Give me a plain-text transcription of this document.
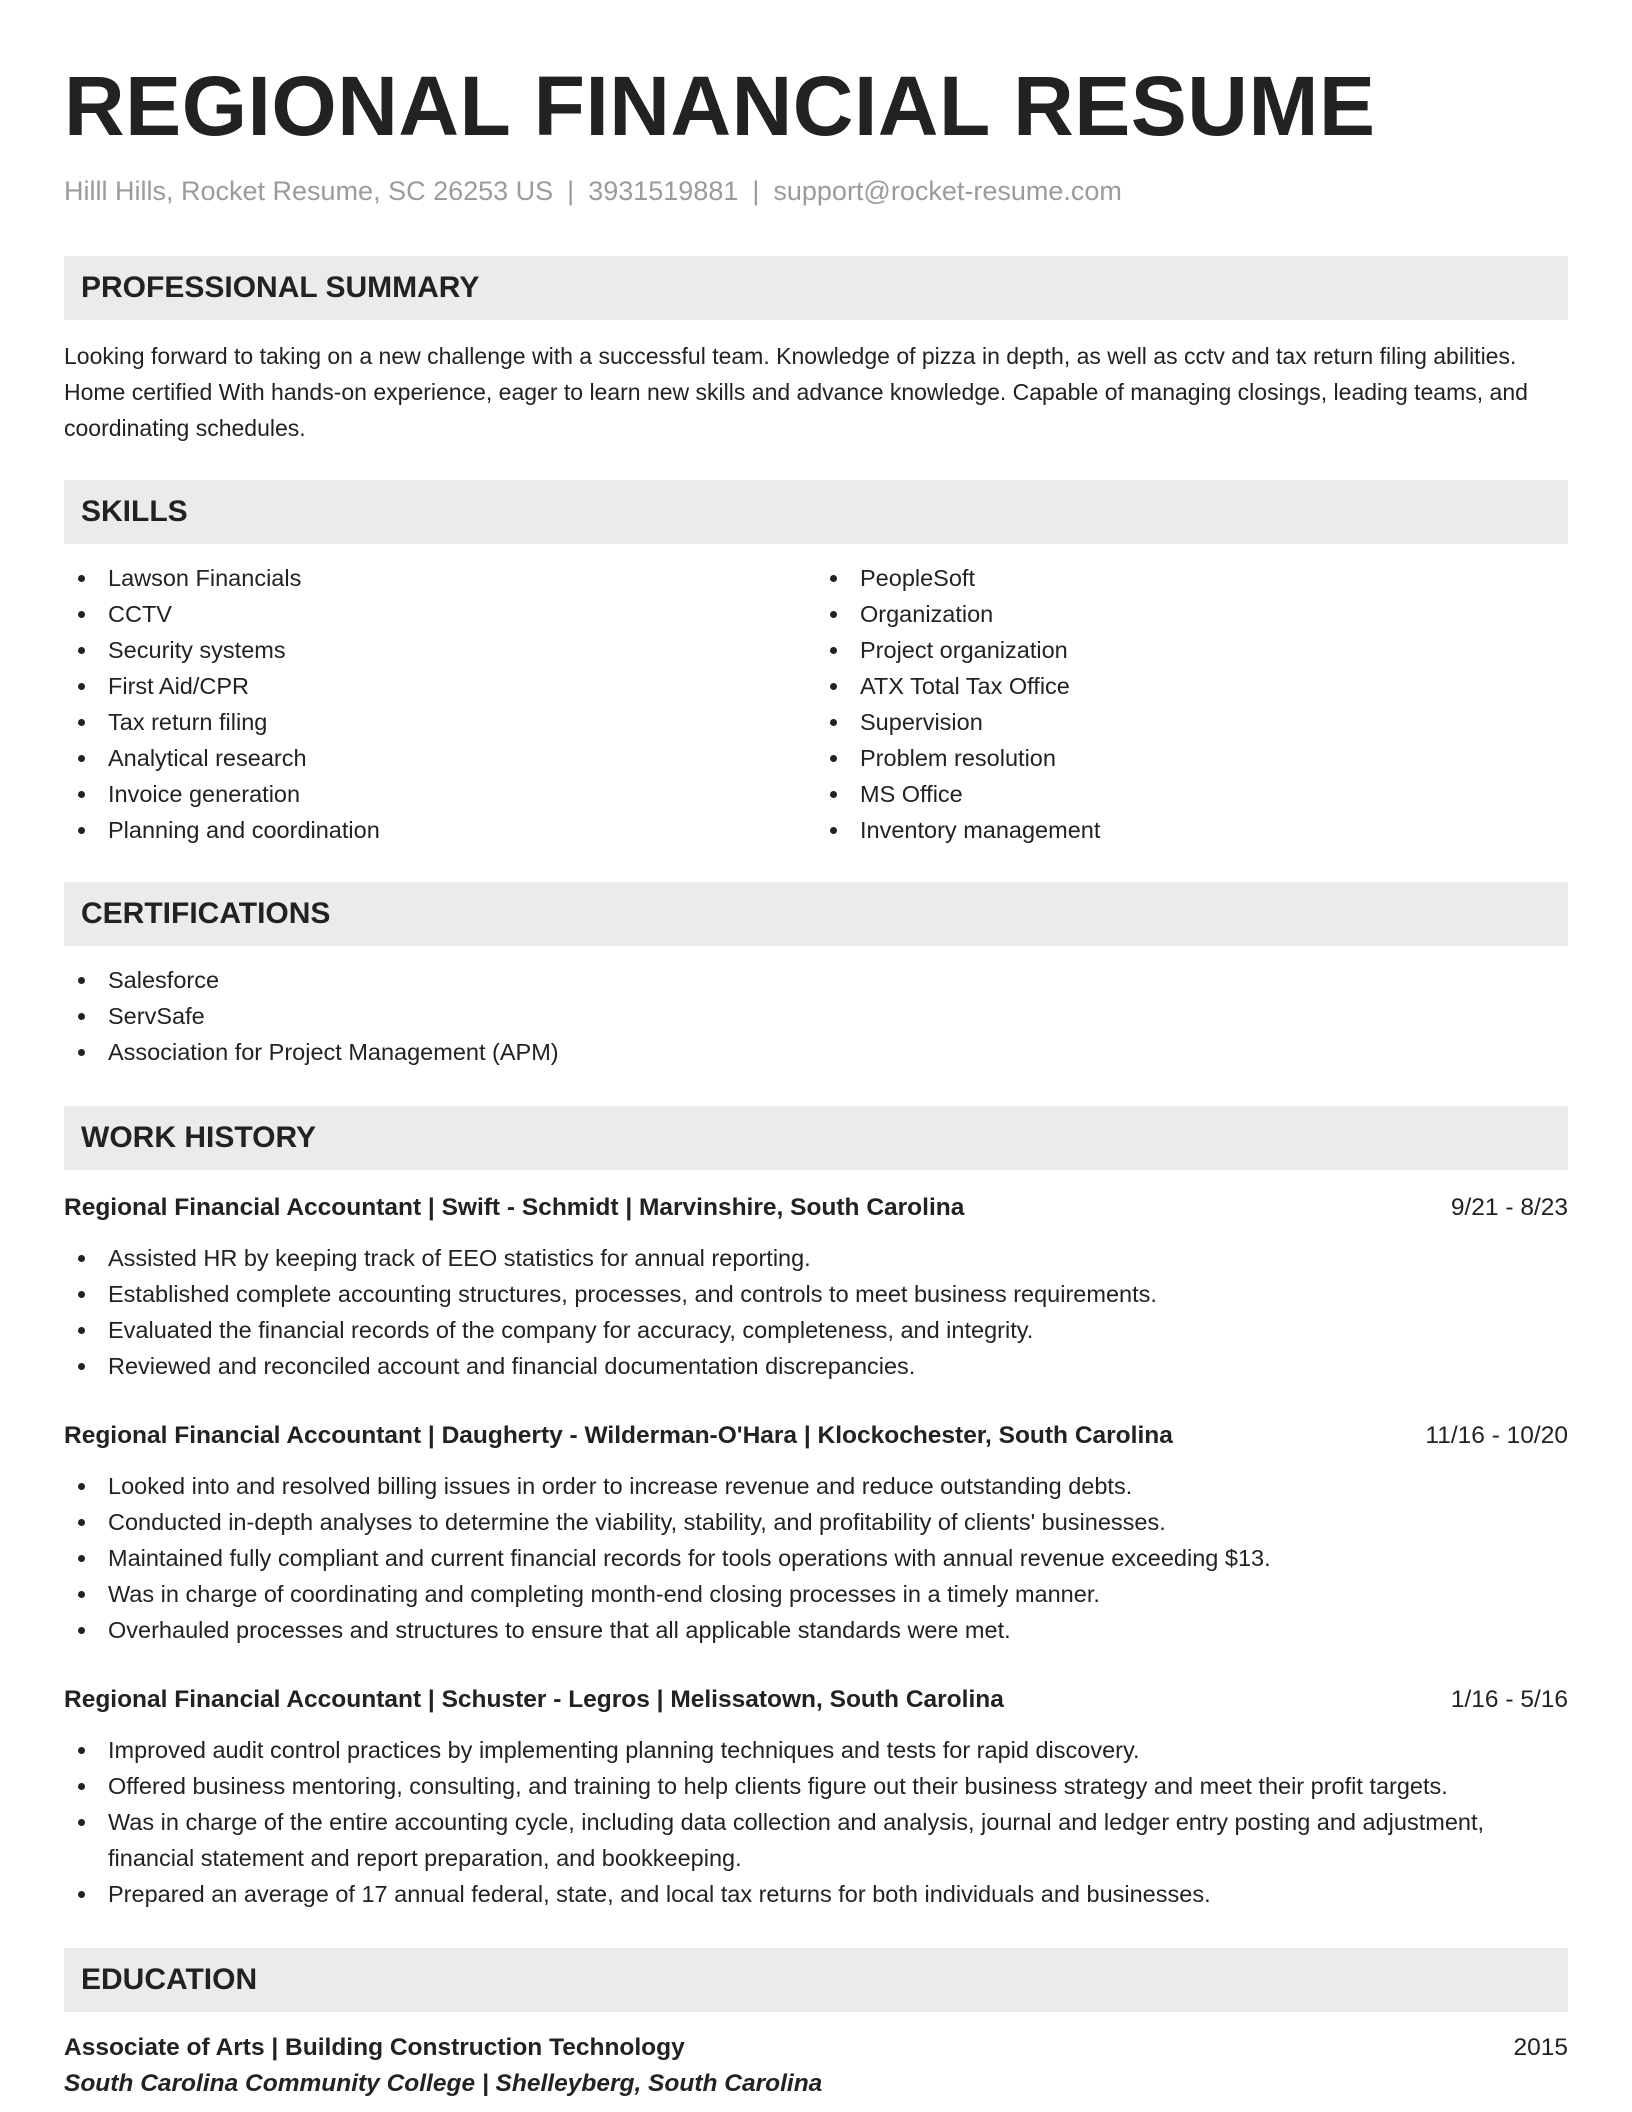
REGIONAL FINANCIAL RESUME
Hilll Hills, Rocket Resume, SC 26253 US | 3931519881 | support@rocket-resume.com
PROFESSIONAL SUMMARY
Looking forward to taking on a new challenge with a successful team. Knowledge of pizza in depth, as well as cctv and tax return filing abilities. Home certified With hands-on experience, eager to learn new skills and advance knowledge. Capable of managing closings, leading teams, and coordinating schedules.
SKILLS
Lawson Financials
CCTV
Security systems
First Aid/CPR
Tax return filing
Analytical research
Invoice generation
Planning and coordination
PeopleSoft
Organization
Project organization
ATX Total Tax Office
Supervision
Problem resolution
MS Office
Inventory management
CERTIFICATIONS
Salesforce
ServSafe
Association for Project Management (APM)
WORK HISTORY
Regional Financial Accountant | Swift - Schmidt | Marvinshire, South Carolina	9/21 - 8/23
Assisted HR by keeping track of EEO statistics for annual reporting.
Established complete accounting structures, processes, and controls to meet business requirements.
Evaluated the financial records of the company for accuracy, completeness, and integrity.
Reviewed and reconciled account and financial documentation discrepancies.
Regional Financial Accountant | Daugherty - Wilderman-O'Hara | Klockochester, South Carolina	11/16 - 10/20
Looked into and resolved billing issues in order to increase revenue and reduce outstanding debts.
Conducted in-depth analyses to determine the viability, stability, and profitability of clients' businesses.
Maintained fully compliant and current financial records for tools operations with annual revenue exceeding $13.
Was in charge of coordinating and completing month-end closing processes in a timely manner.
Overhauled processes and structures to ensure that all applicable standards were met.
Regional Financial Accountant | Schuster - Legros | Melissatown, South Carolina	1/16 - 5/16
Improved audit control practices by implementing planning techniques and tests for rapid discovery.
Offered business mentoring, consulting, and training to help clients figure out their business strategy and meet their profit targets.
Was in charge of the entire accounting cycle, including data collection and analysis, journal and ledger entry posting and adjustment, financial statement and report preparation, and bookkeeping.
Prepared an average of 17 annual federal, state, and local tax returns for both individuals and businesses.
EDUCATION
Associate of Arts | Building Construction Technology	2015
South Carolina Community College | Shelleyberg, South Carolina
